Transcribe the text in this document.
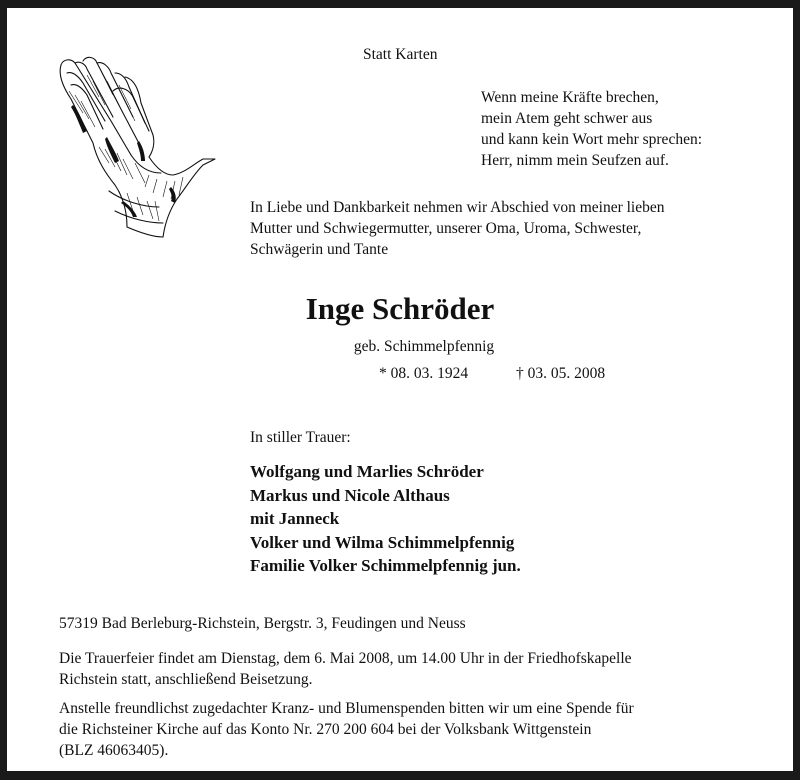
Statt Karten
Wenn meine Kräfte brechen,
mein Atem geht schwer aus
und kann kein Wort mehr sprechen:
Herr, nimm mein Seufzen auf.
In Liebe und Dankbarkeit nehmen wir Abschied von meiner lieben
Mutter und Schwiegermutter, unserer Oma, Uroma, Schwester,
Schwägerin und Tante
Inge Schröder
geb. Schimmelpfennig
* 08. 03. 1924	† 03. 05. 2008
In stiller Trauer:
Wolfgang und Marlies Schröder
Markus und Nicole Althaus
mit Janneck
Volker und Wilma Schimmelpfennig
Familie Volker Schimmelpfennig jun.
57319 Bad Berleburg-Richstein, Bergstr. 3, Feudingen und Neuss
Die Trauerfeier findet am Dienstag, dem 6. Mai 2008, um 14.00 Uhr in der Friedhofskapelle
Richstein statt, anschließend Beisetzung.
Anstelle freundlichst zugedachter Kranz- und Blumenspenden bitten wir um eine Spende für
die Richsteiner Kirche auf das Konto Nr. 270 200 604 bei der Volksbank Wittgenstein
(BLZ 46063405).
